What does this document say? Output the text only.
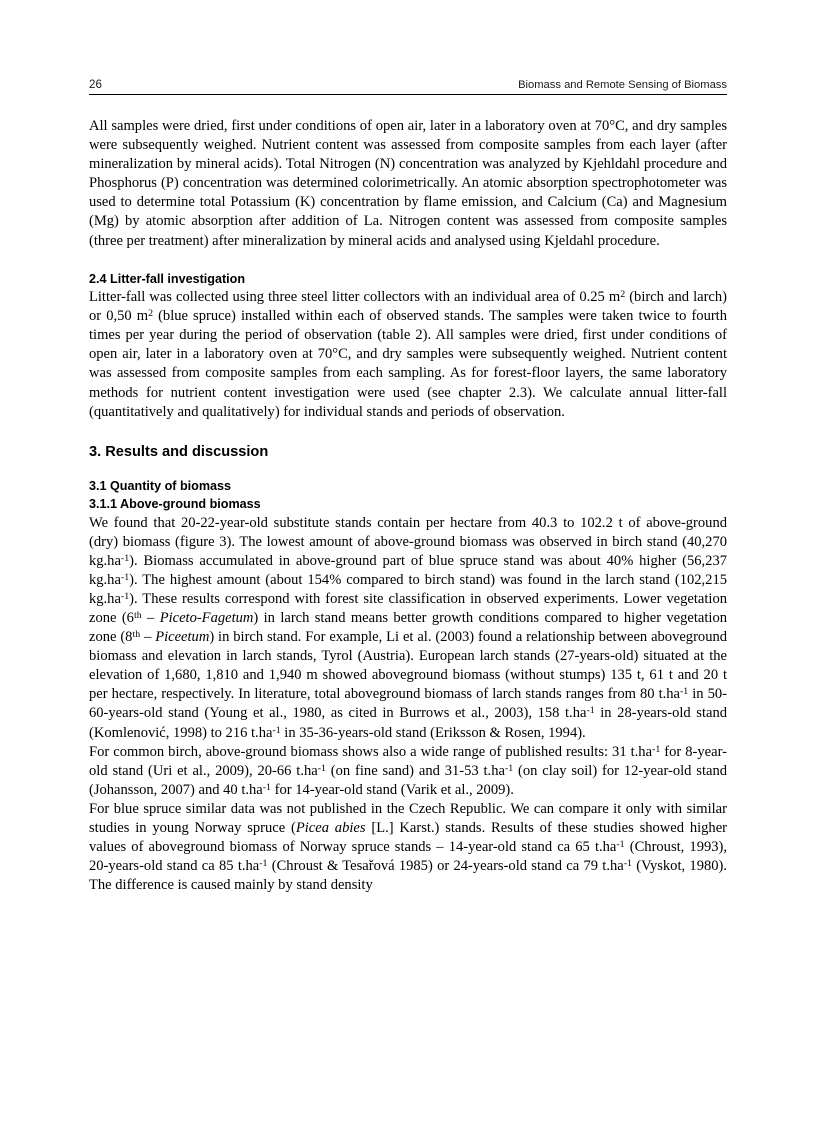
26	Biomass and Remote Sensing of Biomass

All samples were dried, first under conditions of open air, later in a laboratory oven at 70°C, and dry samples were subsequently weighed. Nutrient content was assessed from composite samples from each layer (after mineralization by mineral acids). Total Nitrogen (N) concentration was analyzed by Kjehldahl procedure and Phosphorus (P) concentration was determined colorimetrically. An atomic absorption spectrophotometer was used to determine total Potassium (K) concentration by flame emission, and Calcium (Ca) and Magnesium (Mg) by atomic absorption after addition of La. Nitrogen content was assessed from composite samples (three per treatment) after mineralization by mineral acids and analysed using Kjeldahl procedure.

2.4 Litter-fall investigation

Litter-fall was collected using three steel litter collectors with an individual area of 0.25 $m^2$ (birch and larch) or 0,50 $m^2$ (blue spruce) installed within each of observed stands. The samples were taken twice to fourth times per year during the period of observation (table 2). All samples were dried, first under conditions of open air, later in a laboratory oven at 70°C, and dry samples were subsequently weighed. Nutrient content was assessed from composite samples from each sampling. As for forest-floor layers, the same laboratory methods for nutrient content investigation were used (see chapter 2.3). We calculate annual litter-fall (quantitatively and qualitatively) for individual stands and periods of observation.

3. Results and discussion
3.1 Quantity of biomass
3.1.1 Above-ground biomass

We found that 20-22-year-old substitute stands contain per hectare from 40.3 to 102.2 t of above-ground (dry) biomass (figure 3). The lowest amount of above-ground biomass was observed in birch stand (40,270 $kg.ha^{-1}$). Biomass accumulated in above-ground part of blue spruce stand was about 40% higher (56,237 $kg.ha^{-1}$). The highest amount (about 154% compared to birch stand) was found in the larch stand (102,215 $kg.ha^{-1}$). These results correspond with forest site classification in observed experiments. Lower vegetation zone (6th – Piceto-Fagetum) in larch stand means better growth conditions compared to higher vegetation zone (8th – Piceetum) in birch stand. For example, Li et al. (2003) found a relationship between aboveground biomass and elevation in larch stands, Tyrol (Austria). European larch stands (27-years-old) situated at the elevation of 1,680, 1,810 and 1,940 m showed aboveground biomass (without stumps) 135 t, 61 t and 20 t per hectare, respectively. In literature, total aboveground biomass of larch stands ranges from 80 $t.ha^{-1}$ in 50-60-years-old stand (Young et al., 1980, as cited in Burrows et al., 2003), 158 $t.ha^{-1}$ in 28-years-old stand (Komlenović, 1998) to 216 $t.ha^{-1}$ in 35-36-years-old stand (Eriksson & Rosen, 1994).

For common birch, above-ground biomass shows also a wide range of published results: 31 $t.ha^{-1}$ for 8-year-old stand (Uri et al., 2009), 20-66 $t.ha^{-1}$ (on fine sand) and 31-53 $t.ha^{-1}$ (on clay soil) for 12-year-old stand (Johansson, 2007) and 40 $t.ha^{-1}$ for 14-year-old stand (Varik et al., 2009).

For blue spruce similar data was not published in the Czech Republic. We can compare it only with similar studies in young Norway spruce (Picea abies [L.] Karst.) stands. Results of these studies showed higher values of aboveground biomass of Norway spruce stands – 14-year-old stand ca 65 $t.ha^{-1}$ (Chroust, 1993), 20-years-old stand ca 85 $t.ha^{-1}$ (Chroust & Tesařová 1985) or 24-years-old stand ca 79 $t.ha^{-1}$ (Vyskot, 1980). The difference is caused mainly by stand density
